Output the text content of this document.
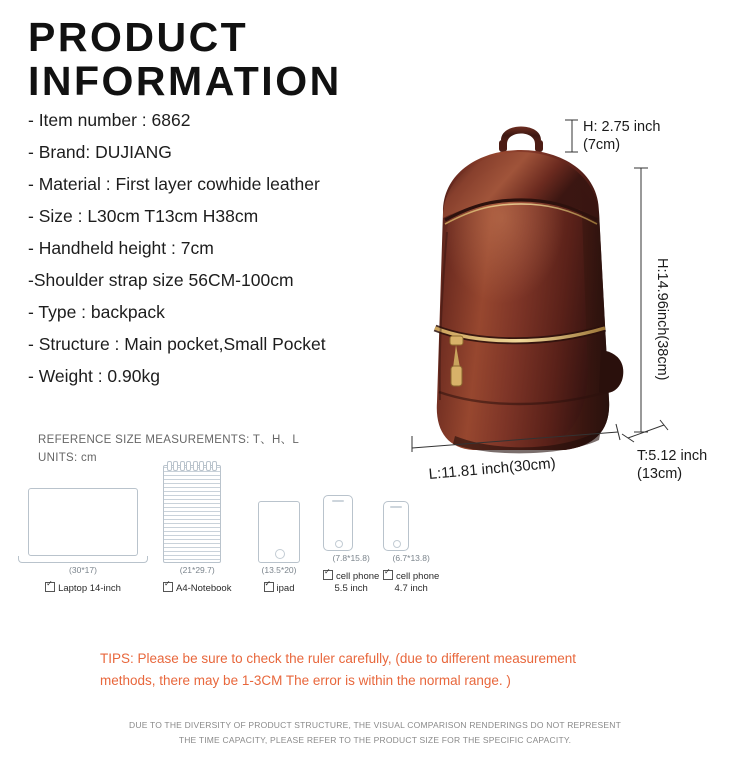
PRODUCT
INFORMATION
- Item number : 6862
- Brand: DUJIANG
- Material : First layer cowhide leather
- Size : L30cm T13cm H38cm
- Handheld height : 7cm
-Shoulder strap size 56CM-100cm
- Type : backpack
- Structure : Main pocket,Small Pocket
- Weight : 0.90kg
REFERENCE SIZE MEASUREMENTS: T、H、L
UNITS: cm
(30*17)
✓Laptop 14-inch
(21*29.7)
✓A4-Notebook
(13.5*20)
✓ipad
(7.8*15.8)
✓cell phone
5.5 inch
(6.7*13.8)
✓cell phone
4.7 inch
H: 2.75 inch
(7cm)
H:14.96inch(38cm)
L:11.81 inch(30cm)	T:5.12 inch
(13cm)
TIPS: Please be sure to check the ruler carefully, (due to different measurement
methods, there may be 1-3CM The error is within the normal range. )
DUE TO THE DIVERSITY OF PRODUCT STRUCTURE, THE VISUAL COMPARISON RENDERINGS DO NOT REPRESENT
THE TIME CAPACITY, PLEASE REFER TO THE PRODUCT SIZE FOR THE SPECIFIC CAPACITY.
